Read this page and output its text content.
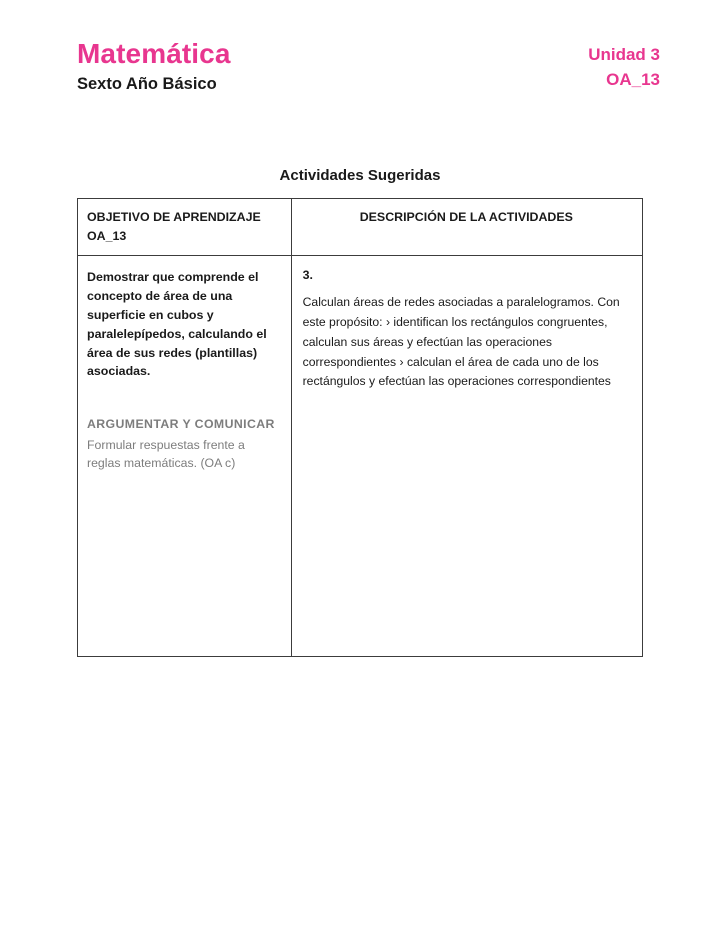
Matemática
Sexto Año Básico
Unidad 3
OA_13
Actividades Sugeridas
OBJETIVO DE APRENDIZAJE
OA_13
DESCRIPCIÓN DE LA ACTIVIDADES

Demostrar que comprende el concepto de área de una superficie en cubos y paralelepípedos, calculando el área de sus redes (plantillas) asociadas.

ARGUMENTAR Y COMUNICAR
Formular respuestas frente a reglas matemáticas. (OA c)

3.

Calculan áreas de redes asociadas a paralelogramos. Con este propósito: › identifican los rectángulos congruentes, calculan sus áreas y efectúan las operaciones correspondientes › calculan el área de cada uno de los rectángulos y efectúan las operaciones correspondientes
